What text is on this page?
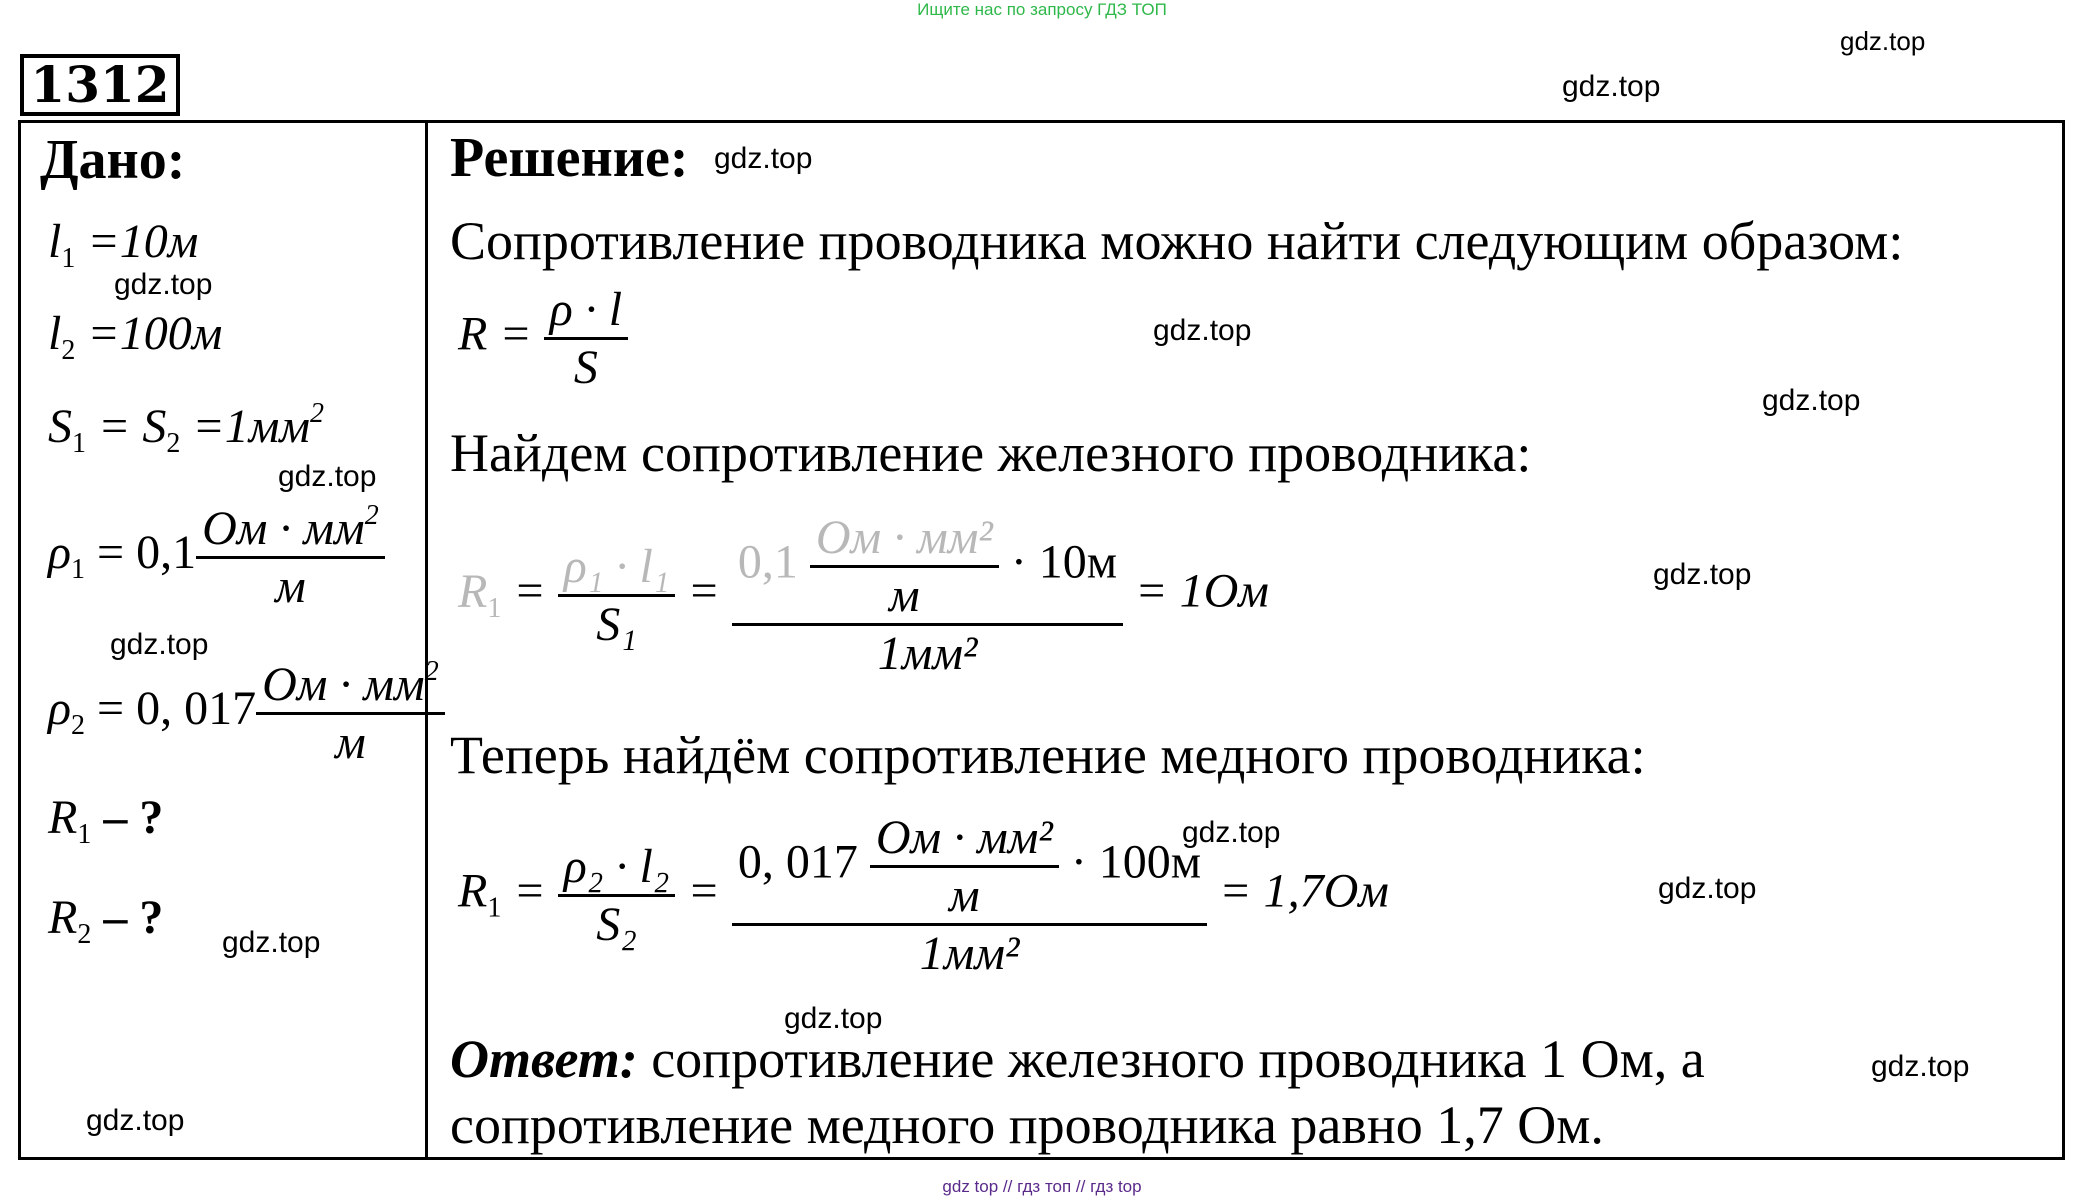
Ищите нас по запросу ГДЗ ТОП
1312
Дано:
$l_1 =10м$
$l_2 =100м$
$S_1 = S_2 =1мм^2$
$\rho_1 = 0,1 \frac{Ом \cdot мм^2}{м}$
$\rho_2 = 0$, $017 \frac{Ом \cdot мм^2}{м}$
$R_1$ – ?
$R_2$ – ?
Решение:
Сопротивление проводника можно найти следующим образом:
$R = \frac{\rho \cdot l}{S}$
Найдем сопротивление железного проводника:
$R_1 = \frac{\text{ρ₁ · l₁}}{\text{S₁}} = \frac{0,1 \frac{\text{Ом · мм²}}{м} \cdot 10м}{\text{1мм²}} = 1Ом$
Теперь найдём сопротивление медного проводника:
$R_1 = \frac{\text{ρ₂ · l₂}}{\text{S₂}} = \frac{0, 017 \frac{\text{Ом · мм²}}{м} \cdot 100м}{\text{1мм²}} = 1,7Ом$
Ответ: сопротивление железного проводника 1 Ом, а
сопротивление медного проводника равно 1,7 Ом.
gdz.top
gdz.top
gdz.top
gdz.top
gdz.top
gdz.top
gdz.top
gdz.top
gdz.top
gdz.top
gdz.top
gdz.top
gdz.top
gdz.top
gdz.top
gdz top // гдз топ // гдз top
